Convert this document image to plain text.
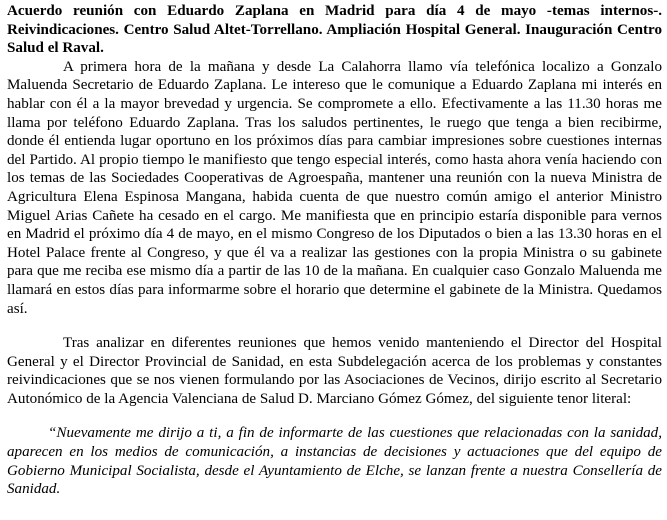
Acuerdo reunión con Eduardo Zaplana en Madrid para día 4 de mayo -temas internos-. Reivindicaciones. Centro Salud Altet-Torrellano. Ampliación Hospital General. Inauguración Centro Salud el Raval.

A primera hora de la mañana y desde La Calahorra llamo vía telefónica localizo a Gonzalo Maluenda Secretario de Eduardo Zaplana. Le intereso que le comunique a Eduardo Zaplana mi interés en hablar con él a la mayor brevedad y urgencia. Se compromete a ello. Efectivamente a las 11.30 horas me llama por teléfono Eduardo Zaplana. Tras los saludos pertinentes, le ruego que tenga a bien recibirme, donde él entienda lugar oportuno en los próximos días para cambiar impresiones sobre cuestiones internas del Partido. Al propio tiempo le manifiesto que tengo especial interés, como hasta ahora venía haciendo con los temas de las Sociedades Cooperativas de Agroespaña, mantener una reunión con la nueva Ministra de Agricultura Elena Espinosa Mangana, habida cuenta de que nuestro común amigo el anterior Ministro Miguel Arias Cañete ha cesado en el cargo. Me manifiesta que en principio estaría disponible para vernos en Madrid el próximo día 4 de mayo, en el mismo Congreso de los Diputados o bien a las 13.30 horas en el Hotel Palace frente al Congreso, y que él va a realizar las gestiones con la propia Ministra o su gabinete para que me reciba ese mismo día a partir de las 10 de la mañana. En cualquier caso Gonzalo Maluenda me llamará en estos días para informarme sobre el horario que determine el gabinete de la Ministra. Quedamos así.

Tras analizar en diferentes reuniones que hemos venido manteniendo el Director del Hospital General y el Director Provincial de Sanidad, en esta Subdelegación acerca de los problemas y constantes reivindicaciones que se nos vienen formulando por las Asociaciones de Vecinos, dirijo escrito al Secretario Autonómico de la Agencia Valenciana de Salud D. Marciano Gómez Gómez, del siguiente tenor literal:

“Nuevamente me dirijo a ti, a fin de informarte de las cuestiones que relacionadas con la sanidad, aparecen en los medios de comunicación, a instancias de decisiones y actuaciones que del equipo de Gobierno Municipal Socialista, desde el Ayuntamiento de Elche, se lanzan frente a nuestra Consellería de Sanidad.
